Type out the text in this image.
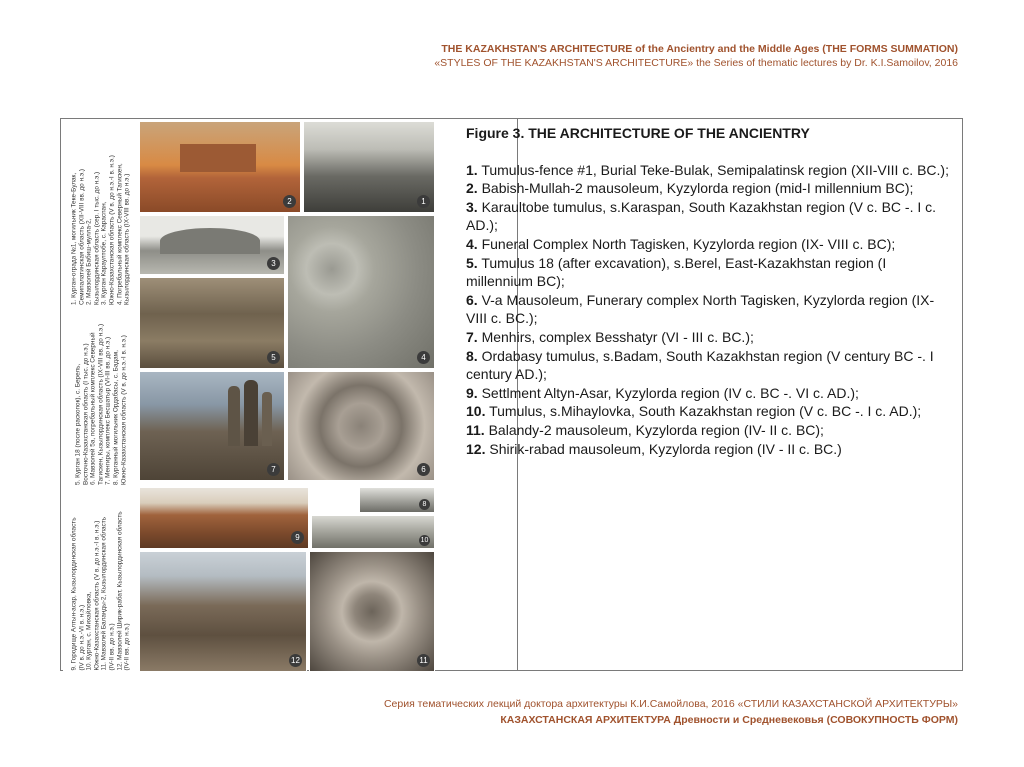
THE KAZAKHSTAN'S ARCHITECTURE of the Ancientry and the Middle Ages (THE FORMS SUMMATION)
«STYLES OF THE KAZAKHSTAN'S ARCHITECTURE» the Series of thematic lectures by Dr. K.I.Samoilov, 2016
1. Курган-ограда №1, могильник Теке-Булак,
Семипалатинская область (XII-VIII вв. до н.э.)
2. Мавзолей Бабиш-мулла-2,
Кызылординская область (сер. I тыс. до н.э.)
3. Курган Караултобе, с. Караспан,
Южно-Казахстанская область (V в. до н.э.-I в. н.э.)
4. Погребальный комплекс Северный Тагискен,
Кызылординская область (IX-VIII вв. до н.э.)
5. Курган 18 (после раскопок), с. Берель,
Восточно-Казахстанская область (I тыс. до н.э.)
6. Мавзолей 5а, погребальный комплекс Северный
Тагискен, Кызылординская область (IX-VIII вв. до н.э.)
7. Менгиры, комплекс Бесшатыр (VI-III вв. до н.э.)
8. Курганный могильник Ордабасы, с. Бадам,
Южно-Казахстанская область (V в. до н.э.-I в. н.э.)
9. Городище Алтын-асар, Кызылординская область
(IV в. до н.э.-VI в. н.э.)
10. Курган, с. Михайловка,
Южно-Казахстанская область (V в. до н.э.-I в. н.э.)
11. Мавзолей Баланды-2, Кызылординская область
(IV-II вв. до н.э.)
12. Мавзолей Ширик-рабат, Кызылординская область
(IV-II вв. до н.э.)
2	1
3
4
5
7	6
8
9	10
12	11
Figure 3. THE ARCHITECTURE OF THE ANCIENTRY
1. Tumulus-fence #1, Burial Teke-Bulak, Semipalatinsk region (XII-VIII c. BC.);
2. Babish-Mullah-2 mausoleum, Kyzylorda region (mid-I millennium BC);
3. Karaultobe tumulus, s.Karaspan, South Kazakhstan region (V c. BC -. I c. AD.);
4. Funeral Complex North Tagisken, Kyzylorda region (IX- VIII c. BC);
5. Tumulus 18 (after excavation), s.Berel, East-Kazakhstan region (I millennium BC);
6. V-a Mausoleum, Funerary complex North Tagisken, Kyzylorda region (IX-VIII c. BC.);
7. Menhirs, complex Besshatyr (VI - III c. BC.);
8. Ordabasy tumulus, s.Badam, South Kazakhstan region (V century BC -. I century AD.);
9. Settlment Altyn-Asar, Kyzylorda region (IV c. BC -. VI c. AD.);
10. Tumulus, s.Mihaylovka, South Kazakhstan region (V c. BC -. I c. AD.);
11. Balandy-2 mausoleum, Kyzylorda region (IV- II c. BC);
12. Shirik-rabad mausoleum, Kyzylorda region (IV - II c. BC.)
Серия тематических лекций доктора архитектуры К.И.Самойлова, 2016 «СТИЛИ КАЗАХСТАНСКОЙ АРХИТЕКТУРЫ»
КАЗАХСТАНСКАЯ АРХИТЕКТУРА Древности и Средневековья (СОВОКУПНОСТЬ ФОРМ)
